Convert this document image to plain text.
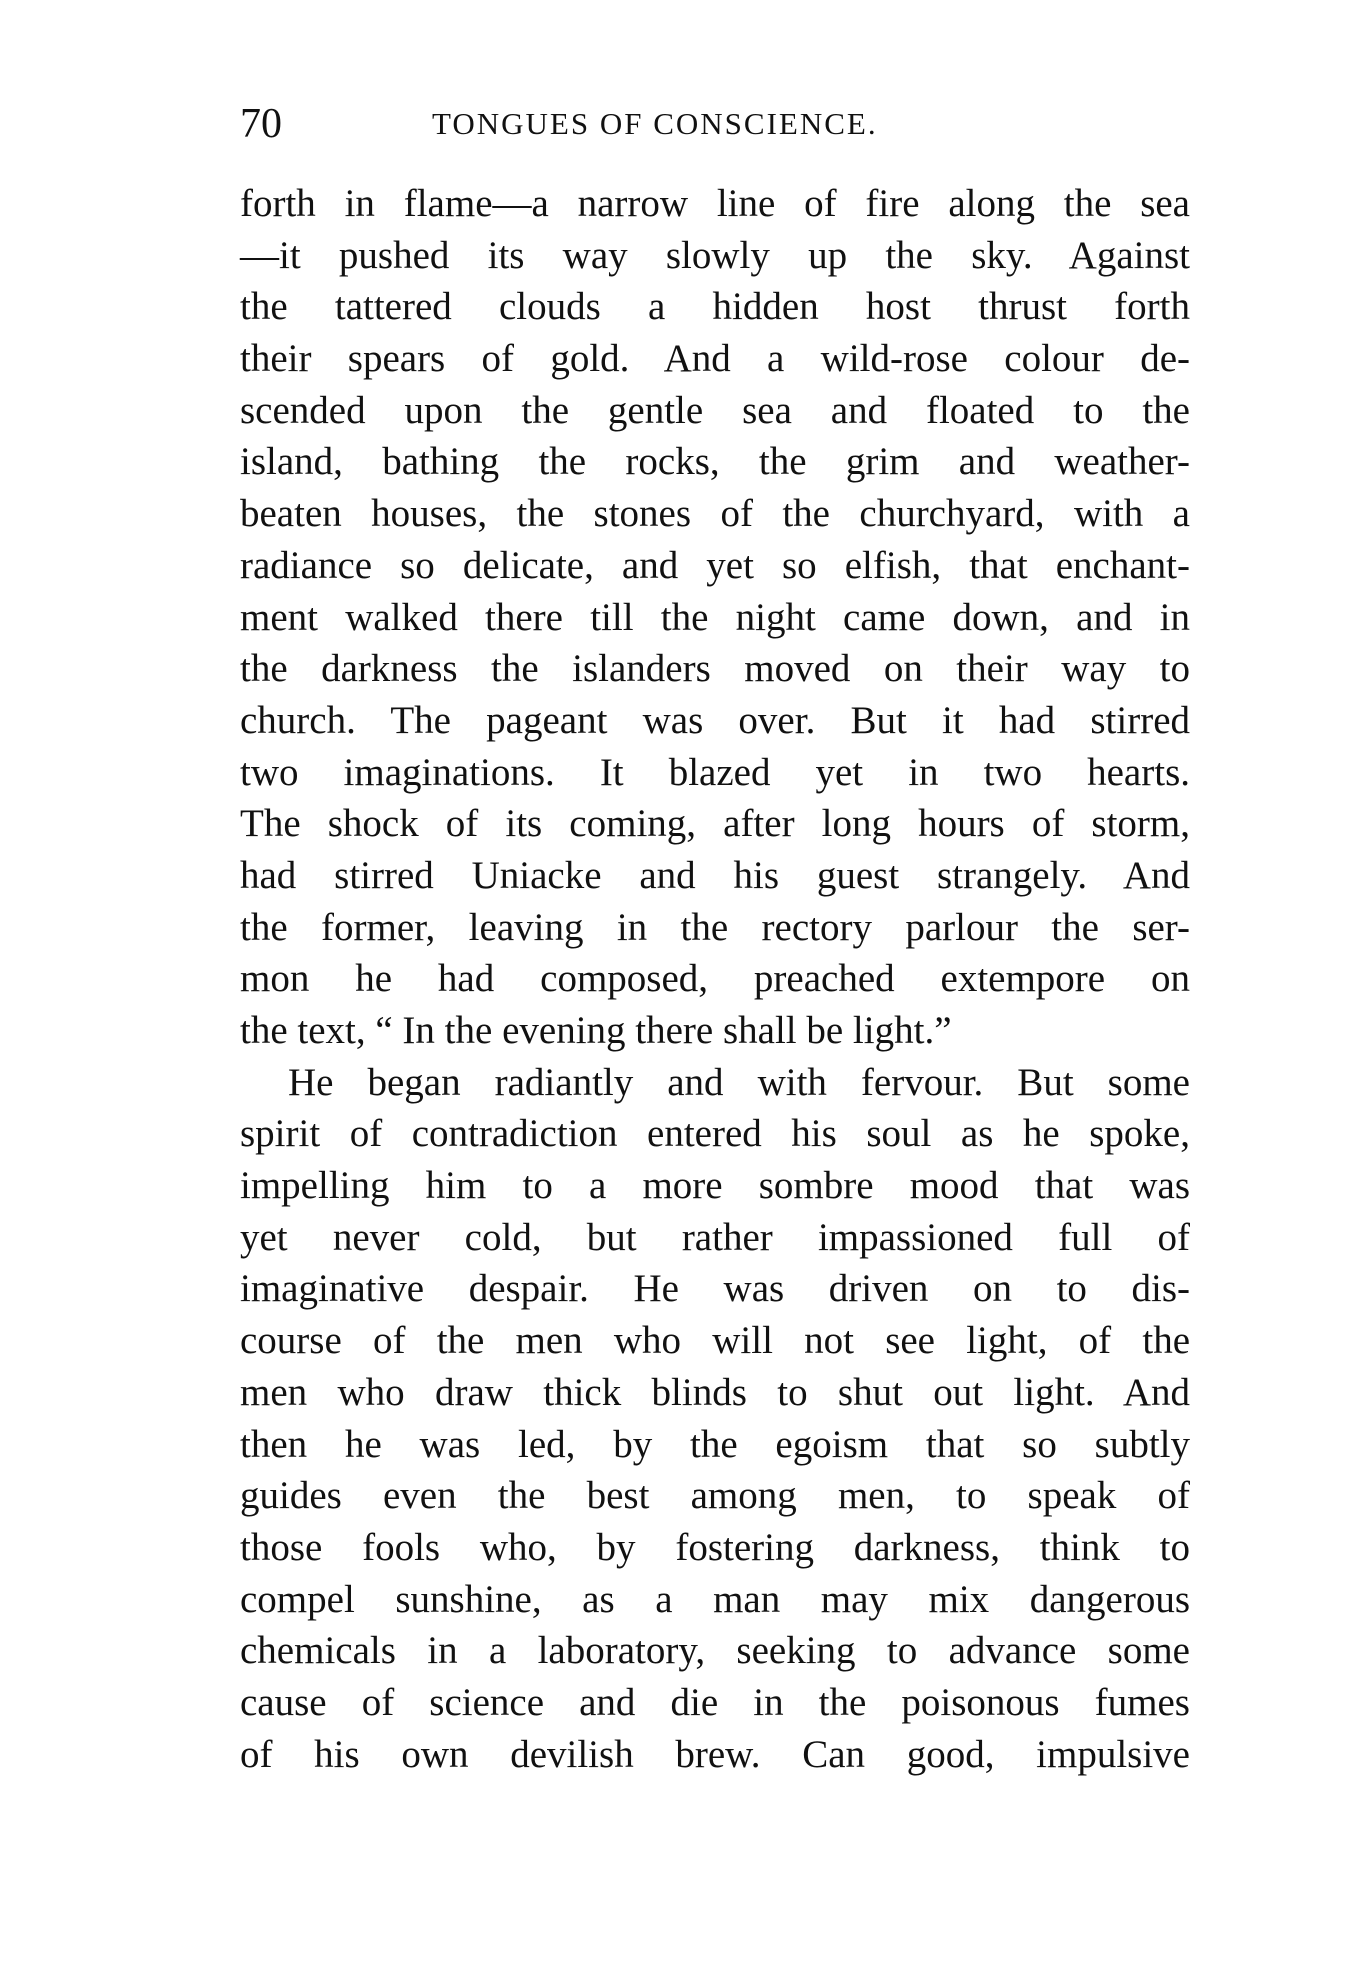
70	TONGUES OF CONSCIENCE.
forth in flame—a narrow line of fire along the sea
—it pushed its way slowly up the sky. Against
the tattered clouds a hidden host thrust forth
their spears of gold. And a wild-rose colour de-
scended upon the gentle sea and floated to the
island, bathing the rocks, the grim and weather-
beaten houses, the stones of the churchyard, with a
radiance so delicate, and yet so elfish, that enchant-
ment walked there till the night came down, and in
the darkness the islanders moved on their way to
church. The pageant was over. But it had stirred
two imaginations. It blazed yet in two hearts.
The shock of its coming, after long hours of storm,
had stirred Uniacke and his guest strangely. And
the former, leaving in the rectory parlour the ser-
mon he had composed, preached extempore on
the text, “ In the evening there shall be light.”
He began radiantly and with fervour. But some
spirit of contradiction entered his soul as he spoke,
impelling him to a more sombre mood that was
yet never cold, but rather impassioned full of
imaginative despair. He was driven on to dis-
course of the men who will not see light, of the
men who draw thick blinds to shut out light. And
then he was led, by the egoism that so subtly
guides even the best among men, to speak of
those fools who, by fostering darkness, think to
compel sunshine, as a man may mix dangerous
chemicals in a laboratory, seeking to advance some
cause of science and die in the poisonous fumes
of his own devilish brew. Can good, impulsive
